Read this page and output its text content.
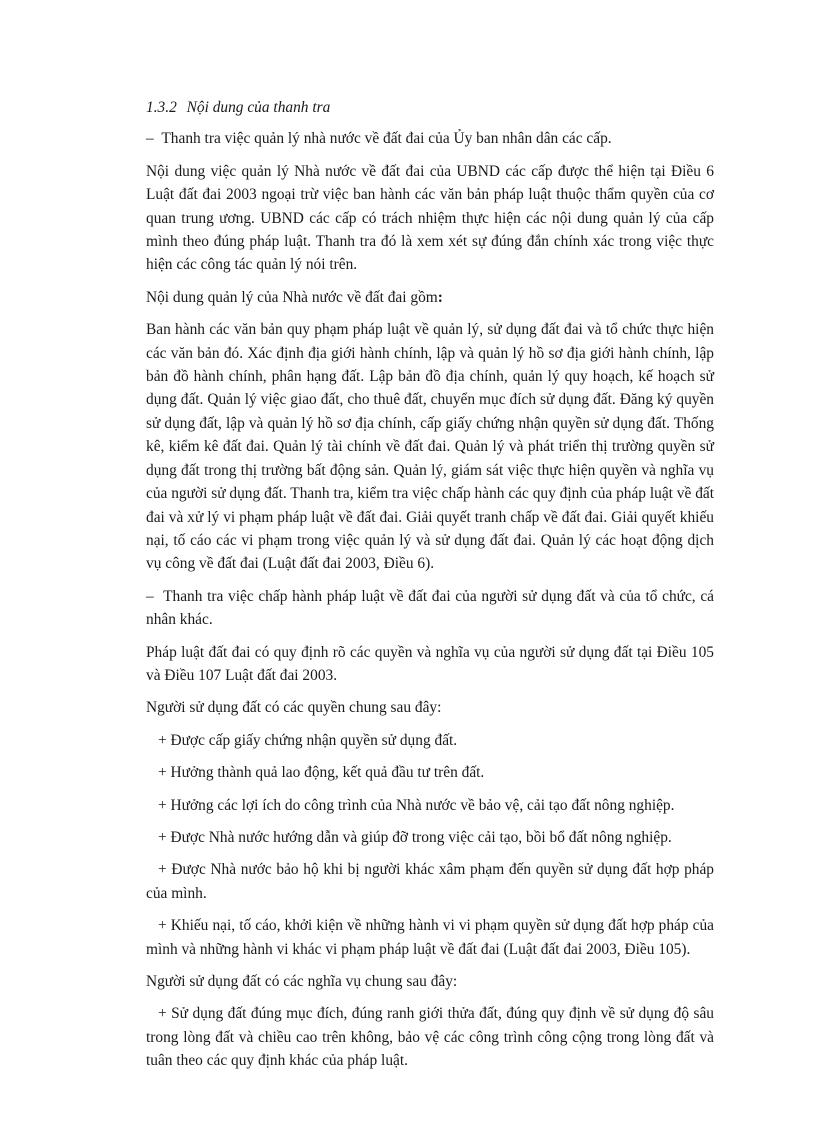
1.3.2 Nội dung của thanh tra

–  Thanh tra việc quản lý nhà nước về đất đai của Ủy ban nhân dân các cấp.

Nội dung việc quản lý Nhà nước về đất đai của UBND các cấp được thể hiện tại Điều 6 Luật đất đai 2003 ngoại trừ việc ban hành các văn bản pháp luật thuộc thẩm quyền của cơ quan trung ương. UBND các cấp có trách nhiệm thực hiện các nội dung quản lý của cấp mình theo đúng pháp luật. Thanh tra đó là xem xét sự đúng đắn chính xác trong việc thực hiện các công tác quản lý nói trên.

Nội dung quản lý của Nhà nước về đất đai gồm:

Ban hành các văn bản quy phạm pháp luật về quản lý, sử dụng đất đai và tổ chức thực hiện các văn bản đó. Xác định địa giới hành chính, lập và quản lý hồ sơ địa giới hành chính, lập bản đồ hành chính, phân hạng đất. Lập bản đồ địa chính, quản lý quy hoạch, kế hoạch sử dụng đất. Quản lý việc giao đất, cho thuê đất, chuyển mục đích sử dụng đất. Đăng ký quyền sử dụng đất, lập và quản lý hồ sơ địa chính, cấp giấy chứng nhận quyền sử dụng đất. Thống kê, kiểm kê đất đai. Quản lý tài chính về đất đai. Quản lý và phát triển thị trường quyền sử dụng đất trong thị trường bất động sản. Quản lý, giám sát việc thực hiện quyền và nghĩa vụ của người sử dụng đất. Thanh tra, kiểm tra việc chấp hành các quy định của pháp luật về đất đai và xử lý vi phạm pháp luật về đất đai. Giải quyết tranh chấp về đất đai. Giải quyết khiếu nại, tố cáo các vi phạm trong việc quản lý và sử dụng đất đai. Quản lý các hoạt động dịch vụ công về đất đai (Luật đất đai 2003, Điều 6).

–  Thanh tra việc chấp hành pháp luật về đất đai của người sử dụng đất và của tổ chức, cá nhân khác.

Pháp luật đất đai có quy định rõ các quyền và nghĩa vụ của người sử dụng đất tại Điều 105 và Điều 107 Luật đất đai 2003.

Người sử dụng đất có các quyền chung sau đây:

+ Được cấp giấy chứng nhận quyền sử dụng đất.

+ Hưởng thành quả lao động, kết quả đầu tư trên đất.

+ Hưởng các lợi ích do công trình của Nhà nước về bảo vệ, cải tạo đất nông nghiệp.

+ Được Nhà nước hướng dẫn và giúp đỡ trong việc cải tạo, bồi bổ đất nông nghiệp.

+ Được Nhà nước bảo hộ khi bị người khác xâm phạm đến quyền sử dụng đất hợp pháp của mình.

+ Khiếu nại, tố cáo, khởi kiện về những hành vi vi phạm quyền sử dụng đất hợp pháp của mình và những hành vi khác vi phạm pháp luật về đất đai (Luật đất đai 2003, Điều 105).

Người sử dụng đất có các nghĩa vụ chung sau đây:

+ Sử dụng đất đúng mục đích, đúng ranh giới thửa đất, đúng quy định về sử dụng độ sâu trong lòng đất và chiều cao trên không, bảo vệ các công trình công cộng trong lòng đất và tuân theo các quy định khác của pháp luật.
